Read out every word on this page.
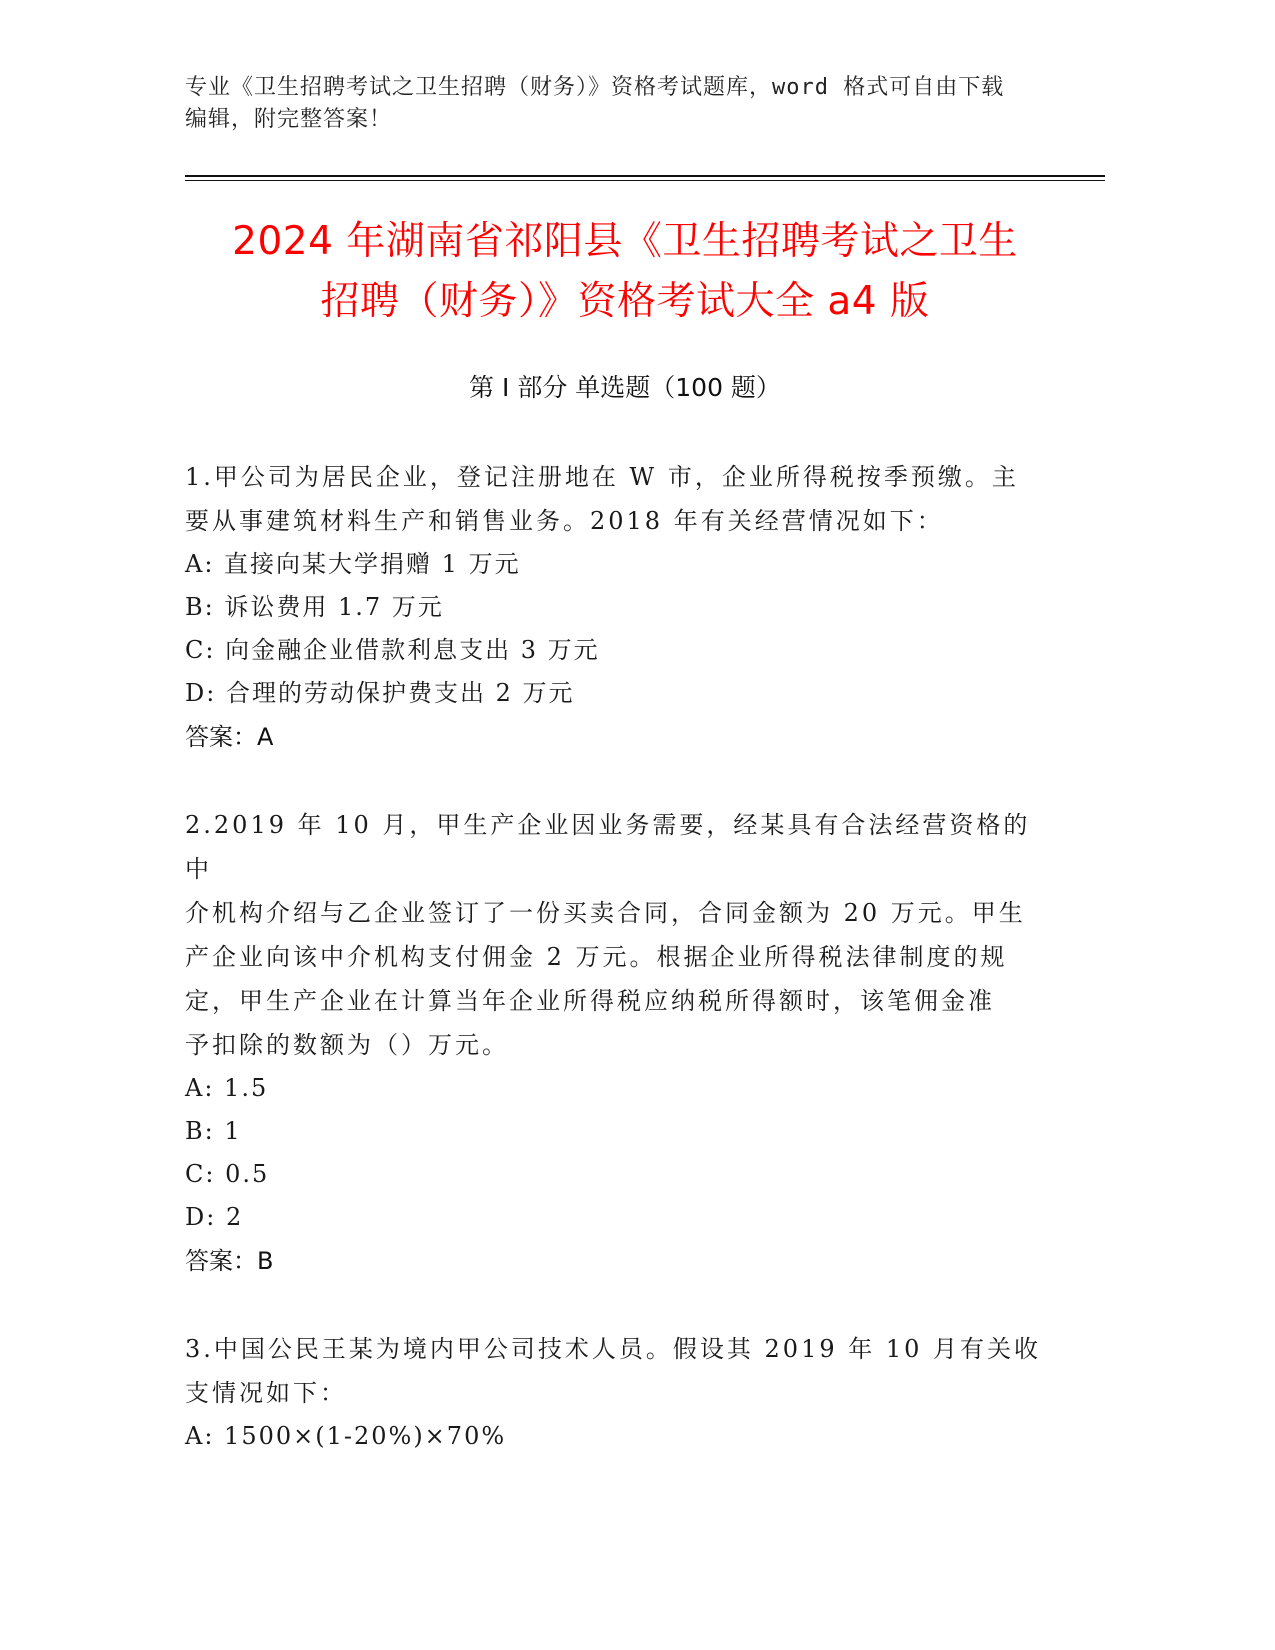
专业《卫生招聘考试之卫生招聘（财务）》资格考试题库，word 格式可自由下载
编辑，附完整答案！
2024 年湖南省祁阳县《卫生招聘考试之卫生
招聘（财务）》资格考试大全 a4 版
第 I 部分 单选题（100 题）
1.甲公司为居民企业，登记注册地在 W 市，企业所得税按季预缴。主
要从事建筑材料生产和销售业务。2018 年有关经营情况如下：
A: 直接向某大学捐赠 1 万元
B: 诉讼费用 1.7 万元
C: 向金融企业借款利息支出 3 万元
D: 合理的劳动保护费支出 2 万元
答案：A
2.2019 年 10 月，甲生产企业因业务需要，经某具有合法经营资格的中
介机构介绍与乙企业签订了一份买卖合同，合同金额为 20 万元。甲生
产企业向该中介机构支付佣金 2 万元。根据企业所得税法律制度的规
定，甲生产企业在计算当年企业所得税应纳税所得额时，该笔佣金准
予扣除的数额为（）万元。
A: 1.5
B: 1
C: 0.5
D: 2
答案：B
3.中国公民王某为境内甲公司技术人员。假设其 2019 年 10 月有关收
支情况如下：
A: 1500×(1-20%)×70%
